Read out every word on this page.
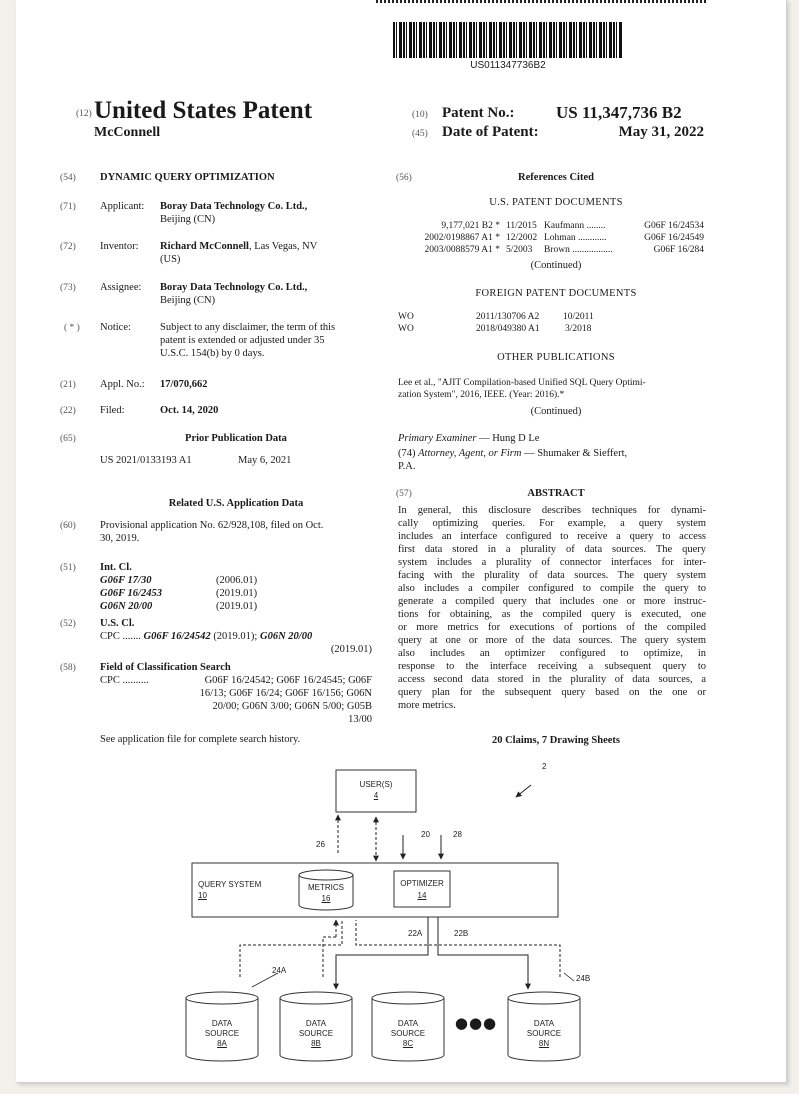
US011347736B2
(12) United States Patent
McConnell
(10) Patent No.: US 11,347,736 B2
(45) Date of Patent:	May 31, 2022
(54) DYNAMIC QUERY OPTIMIZATION
(71) Applicant: Boray Data Technology Co. Ltd.,
Beijing (CN)
(72) Inventor: Richard McConnell, Las Vegas, NV
(US)
(73) Assignee: Boray Data Technology Co. Ltd.,
Beijing (CN)
( * ) Notice:	Subject to any disclaimer, the term of this
patent is extended or adjusted under 35
U.S.C. 154(b) by 0 days.
(21) Appl. No.: 17/070,662
(22) Filed:	Oct. 14, 2020
(65)	Prior Publication Data
US 2021/0133193 A1	May 6, 2021
Related U.S. Application Data
(60) Provisional application No. 62/928,108, filed on Oct.
30, 2019.
(51) Int. Cl.
G06F 17/30	(2006.01)
G06F 16/2453	(2019.01)
G06N 20/00	(2019.01)
(52) U.S. Cl.
CPC ....... G06F 16/24542 (2019.01); G06N 20/00
(2019.01)
(58) Field of Classification Search
CPC ..........	G06F 16/24542; G06F 16/24545; G06F
16/13; G06F 16/24; G06F 16/156; G06N
20/00; G06N 3/00; G06N 5/00; G05B
13/00
See application file for complete search history.
(56)	References Cited
U.S. PATENT DOCUMENTS
9,177,021 B2 * 11/2015 Kaufmann ........	G06F 16/24534
2002/0198867 A1 * 12/2002 Lohman ............	G06F 16/24549
2003/0088579 A1 * 5/2003 Brown .................	G06F 16/284
(Continued)
FOREIGN PATENT DOCUMENTS
WO	2011/130706 A2	10/2011
WO	2018/049380 A1	3/2018
OTHER PUBLICATIONS
Lee et al., "AJIT Compilation-based Unified SQL Query Optimi-
zation System", 2016, IEEE. (Year: 2016).*
(Continued)
Primary Examiner — Hung D Le
(74) Attorney, Agent, or Firm — Shumaker & Sieffert,
P.A.
(57)	ABSTRACT
In general, this disclosure describes techniques for dynami-
cally optimizing queries. For example, a query system
includes an interface configured to receive a query to access
first data stored in a plurality of data sources. The query
system includes a plurality of connector interfaces for inter-
facing with the plurality of data sources. The query system
also includes a compiler configured to compile the query to
generate a compiled query that includes one or more instruc-
tions for obtaining, as the compiled query is executed, one
or more metrics for executions of portions of the compiled
query at one or more of the data sources. The query system
also includes an optimizer configured to optimize, in
response to the interface receiving a subsequent query to
access second data stored in the plurality of data sources, a
query plan for the subsequent query based on the one or
more metrics.
20 Claims, 7 Drawing Sheets
2
USER(S)
4
26
20	28
QUERY SYSTEM
10
METRICS
16
OPTIMIZER
14
22A	22B
24A
24B
DATA
SOURCE
8A
DATA
SOURCE
8B
DATA
SOURCE
8C
●●●	DATA
SOURCE
8N
